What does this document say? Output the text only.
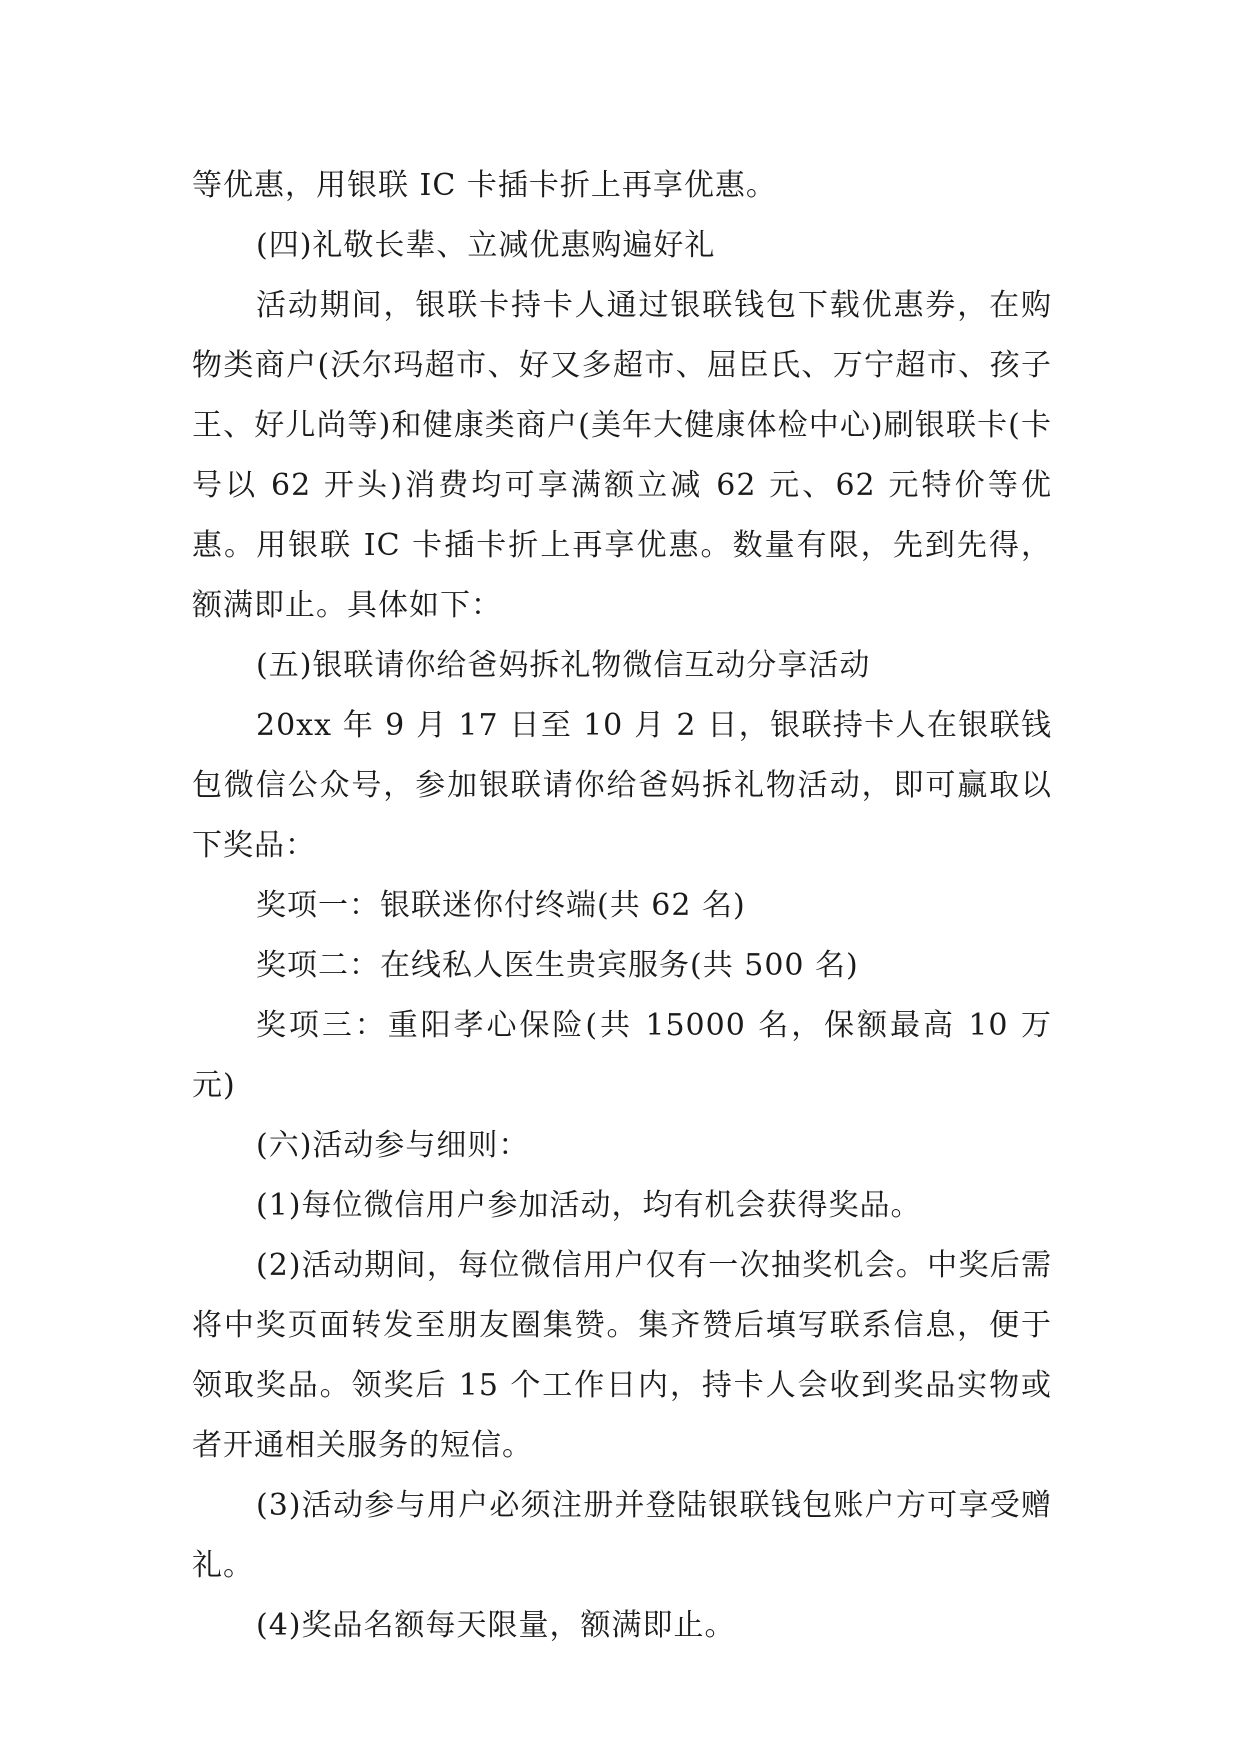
等优惠，用银联 IC 卡插卡折上再享优惠。

(四)礼敬长辈、立减优惠购遍好礼

活动期间，银联卡持卡人通过银联钱包下载优惠券，在购物类商户(沃尔玛超市、好又多超市、屈臣氏、万宁超市、孩子王、好儿尚等)和健康类商户(美年大健康体检中心)刷银联卡(卡号以 62 开头)消费均可享满额立减 62 元、62 元特价等优惠。用银联 IC 卡插卡折上再享优惠。数量有限，先到先得，额满即止。具体如下：

(五)银联请你给爸妈拆礼物微信互动分享活动

20xx 年 9 月 17 日至 10 月 2 日，银联持卡人在银联钱包微信公众号，参加银联请你给爸妈拆礼物活动，即可赢取以下奖品：

奖项一：银联迷你付终端(共 62 名)

奖项二：在线私人医生贵宾服务(共 500 名)

奖项三：重阳孝心保险(共 15000 名，保额最高 10 万元)

(六)活动参与细则：

(1)每位微信用户参加活动，均有机会获得奖品。

(2)活动期间，每位微信用户仅有一次抽奖机会。中奖后需将中奖页面转发至朋友圈集赞。集齐赞后填写联系信息，便于领取奖品。领奖后 15 个工作日内，持卡人会收到奖品实物或者开通相关服务的短信。

(3)活动参与用户必须注册并登陆银联钱包账户方可享受赠礼。

(4)奖品名额每天限量，额满即止。
